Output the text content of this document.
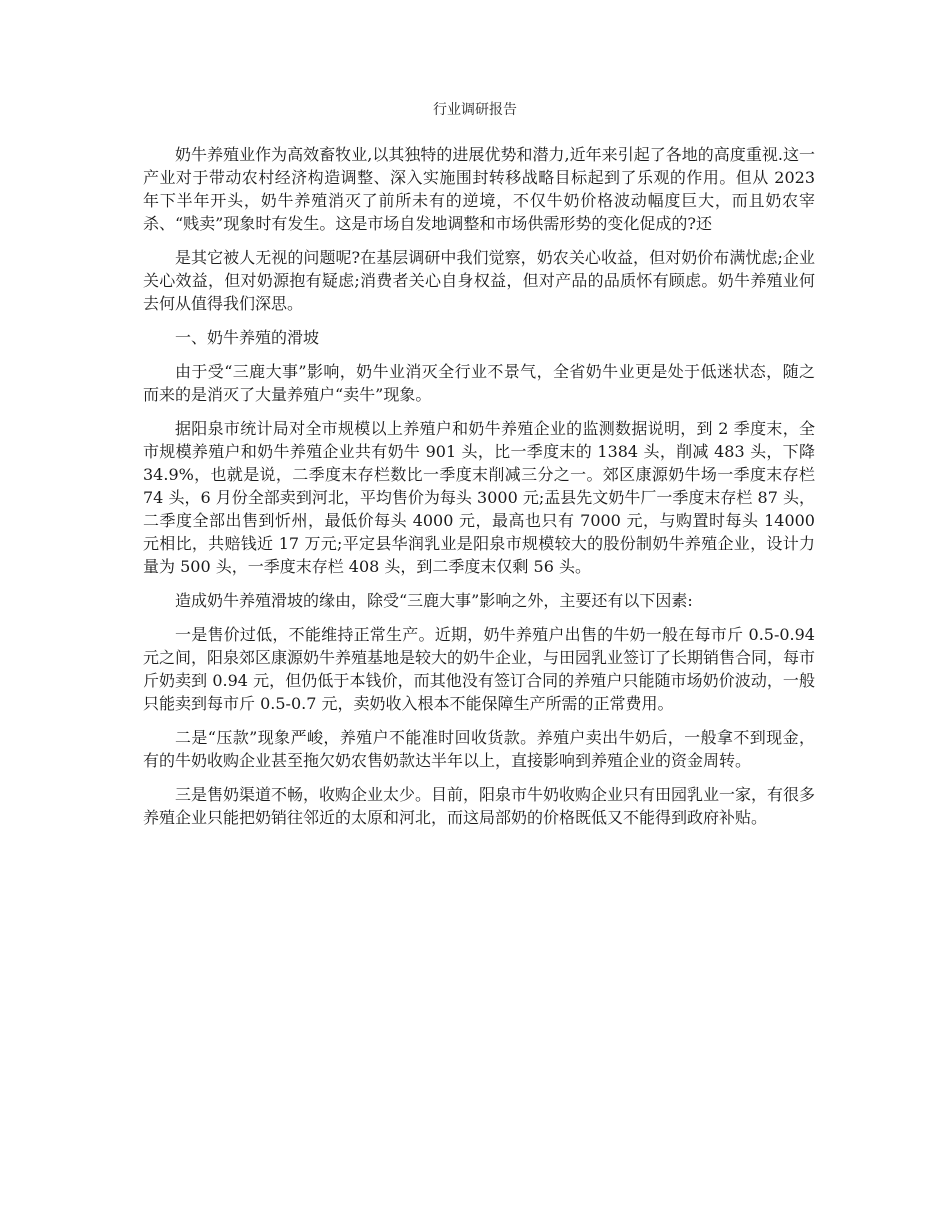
行业调研报告

奶牛养殖业作为高效畜牧业,以其独特的进展优势和潜力,近年来引起了各地的高度重视.这一产业对于带动农村经济构造调整、深入实施围封转移战略目标起到了乐观的作用。但从 2023 年下半年开头，奶牛养殖消灭了前所未有的逆境，不仅牛奶价格波动幅度巨大，而且奶农宰杀、“贱卖”现象时有发生。这是市场自发地调整和市场供需形势的变化促成的?还

是其它被人无视的问题呢?在基层调研中我们觉察，奶农关心收益，但对奶价布满忧虑;企业关心效益，但对奶源抱有疑虑;消费者关心自身权益，但对产品的品质怀有顾虑。奶牛养殖业何去何从值得我们深思。

一、奶牛养殖的滑坡

由于受“三鹿大事”影响，奶牛业消灭全行业不景气，全省奶牛业更是处于低迷状态，随之而来的是消灭了大量养殖户“卖牛”现象。

据阳泉市统计局对全市规模以上养殖户和奶牛养殖企业的监测数据说明，到 2 季度末，全市规模养殖户和奶牛养殖企业共有奶牛 901 头，比一季度末的 1384 头，削减 483 头，下降 34.9%，也就是说，二季度末存栏数比一季度末削减三分之一。郊区康源奶牛场一季度末存栏 74 头，6 月份全部卖到河北，平均售价为每头 3000 元;盂县先文奶牛厂一季度末存栏 87 头，二季度全部出售到忻州，最低价每头 4000 元，最高也只有 7000 元，与购置时每头 14000 元相比，共赔钱近 17 万元;平定县华润乳业是阳泉市规模较大的股份制奶牛养殖企业，设计力量为 500 头，一季度末存栏 408 头，到二季度末仅剩 56 头。

造成奶牛养殖滑坡的缘由，除受“三鹿大事”影响之外，主要还有以下因素:

一是售价过低，不能维持正常生产。近期，奶牛养殖户出售的牛奶一般在每市斤 0.5-0.94 元之间，阳泉郊区康源奶牛养殖基地是较大的奶牛企业，与田园乳业签订了长期销售合同，每市斤奶卖到 0.94 元，但仍低于本钱价，而其他没有签订合同的养殖户只能随市场奶价波动，一般只能卖到每市斤 0.5-0.7 元，卖奶收入根本不能保障生产所需的正常费用。

二是“压款”现象严峻，养殖户不能准时回收货款。养殖户卖出牛奶后，一般拿不到现金，有的牛奶收购企业甚至拖欠奶农售奶款达半年以上，直接影响到养殖企业的资金周转。

三是售奶渠道不畅，收购企业太少。目前，阳泉市牛奶收购企业只有田园乳业一家，有很多养殖企业只能把奶销往邻近的太原和河北，而这局部奶的价格既低又不能得到政府补贴。
